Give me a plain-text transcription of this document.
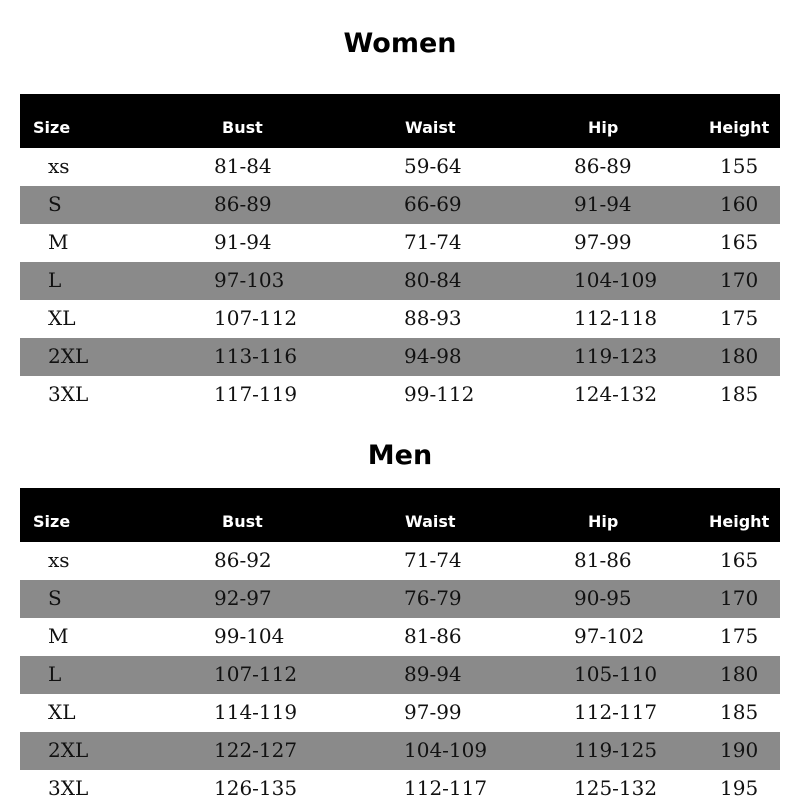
Women
Size	Bust	Waist	Hip	Height
xs	81-84	59-64	86-89	155
S	86-89	66-69	91-94	160
M	91-94	71-74	97-99	165
L	97-103	80-84	104-109	170
XL	107-112	88-93	112-118	175
2XL	113-116	94-98	119-123	180
3XL	117-119	99-112	124-132	185
Men
Size	Bust	Waist	Hip	Height
xs	86-92	71-74	81-86	165
S	92-97	76-79	90-95	170
M	99-104	81-86	97-102	175
L	107-112	89-94	105-110	180
XL	114-119	97-99	112-117	185
2XL	122-127	104-109	119-125	190
3XL	126-135	112-117	125-132	195
